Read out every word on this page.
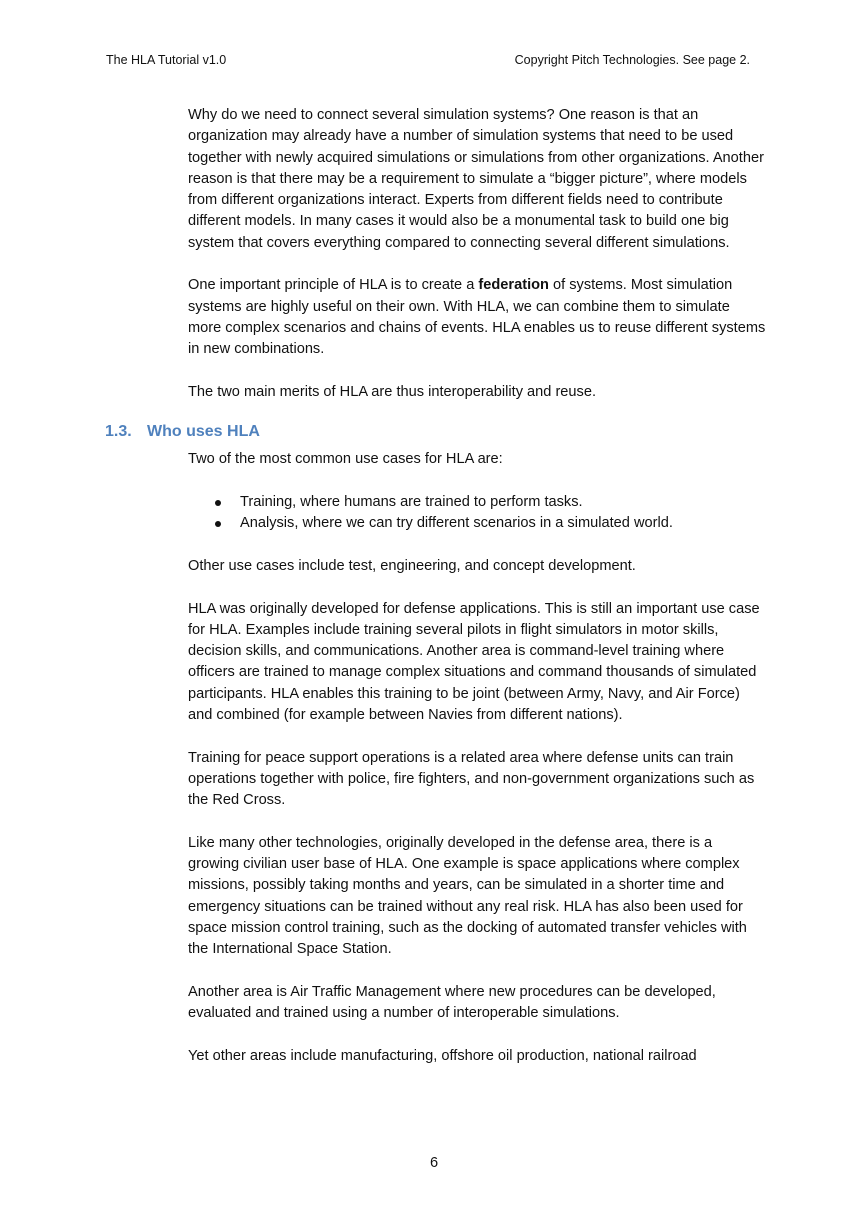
The HLA Tutorial v1.0	Copyright Pitch Technologies. See page 2.

Why do we need to connect several simulation systems? One reason is that an organization may already have a number of simulation systems that need to be used together with newly acquired simulations or simulations from other organizations. Another reason is that there may be a requirement to simulate a “bigger picture”, where models from different organizations interact. Experts from different fields need to contribute different models. In many cases it would also be a monumental task to build one big system that covers everything compared to connecting several different simulations.

One important principle of HLA is to create a federation of systems. Most simulation systems are highly useful on their own. With HLA, we can combine them to simulate more complex scenarios and chains of events. HLA enables us to reuse different systems in new combinations.

The two main merits of HLA are thus interoperability and reuse.

1.3. Who uses HLA

Two of the most common use cases for HLA are:

Training, where humans are trained to perform tasks.
Analysis, where we can try different scenarios in a simulated world.

Other use cases include test, engineering, and concept development.

HLA was originally developed for defense applications. This is still an important use case for HLA. Examples include training several pilots in flight simulators in motor skills, decision skills, and communications. Another area is command-level training where officers are trained to manage complex situations and command thousands of simulated participants. HLA enables this training to be joint (between Army, Navy, and Air Force) and combined (for example between Navies from different nations).

Training for peace support operations is a related area where defense units can train operations together with police, fire fighters, and non-government organizations such as the Red Cross.

Like many other technologies, originally developed in the defense area, there is a growing civilian user base of HLA. One example is space applications where complex missions, possibly taking months and years, can be simulated in a shorter time and emergency situations can be trained without any real risk. HLA has also been used for space mission control training, such as the docking of automated transfer vehicles with the International Space Station.

Another area is Air Traffic Management where new procedures can be developed, evaluated and trained using a number of interoperable simulations.

Yet other areas include manufacturing, offshore oil production, national railroad

6
